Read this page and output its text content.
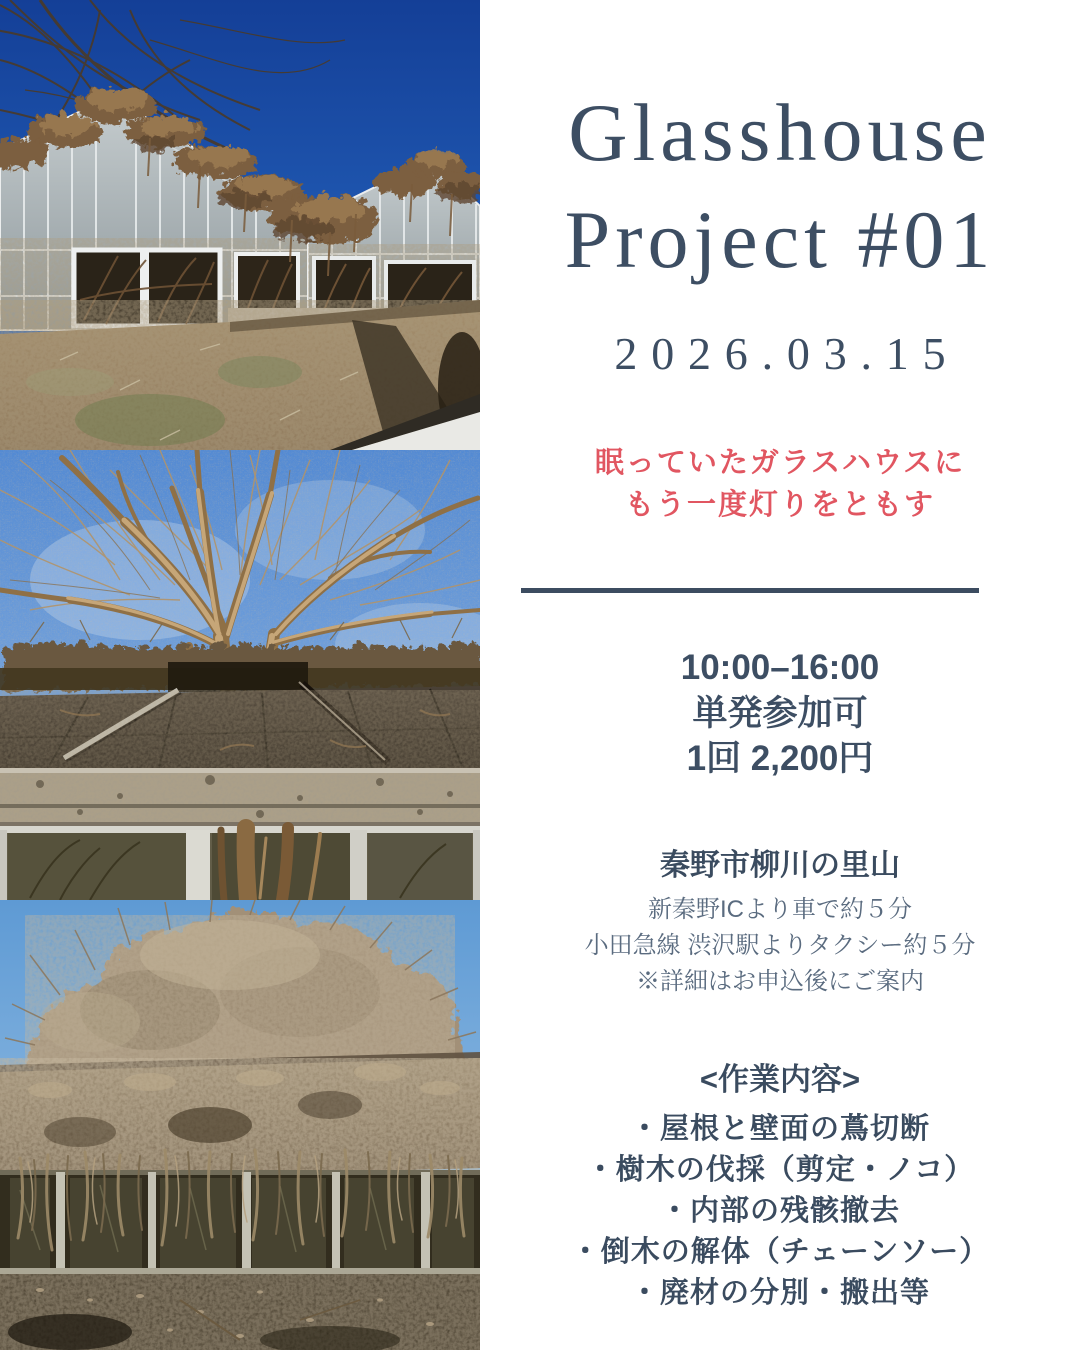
Glasshouse
Project #01
2026.03.15
眠っていたガラスハウスに
もう一度灯りをともす
10:00–16:00
単発参加可
1回 2,200円
秦野市柳川の里山
新秦野ICより車で約５分
小田急線 渋沢駅よりタクシー約５分
※詳細はお申込後にご案内
<作業内容>
・屋根と壁面の蔦切断
・樹木の伐採（剪定・ノコ）
・内部の残骸撤去
・倒木の解体（チェーンソー）
・廃材の分別・搬出等
